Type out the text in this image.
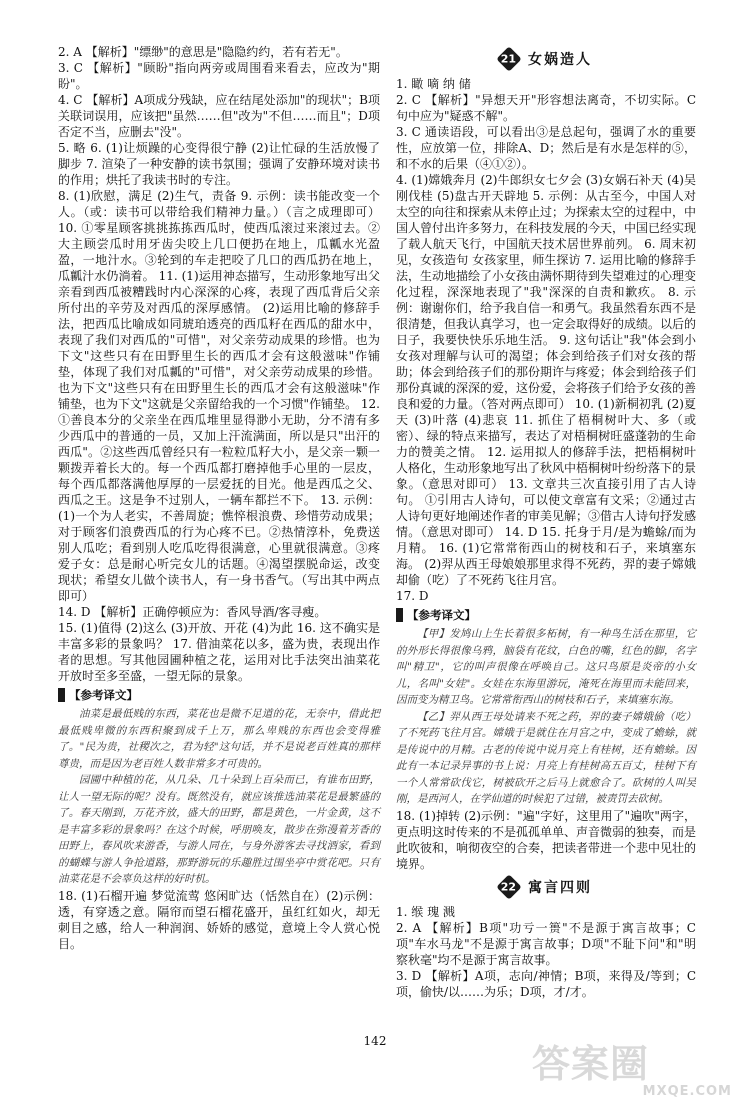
2. A 【解析】"缥缈"的意思是"隐隐约约，若有若无"。

3. C 【解析】"顾盼"指向两旁或周围看来看去，应改为"期盼"。

4. C 【解析】A项成分残缺，应在结尾处添加"的现状"；B项关联词误用，应该把"虽然……但"改为"不但……而且"；D项否定不当，应删去"没"。

5. 略 6. (1)让烦躁的心变得很宁静 (2)让忙碌的生活放慢了脚步 7. 渲染了一种安静的读书氛围；强调了安静环境对读书的作用；烘托了我读书时的专注。

8. (1)欣慰，满足 (2)生气，责备 9. 示例：读书能改变一个人。（或：读书可以带给我们精神力量。）（言之成理即可） 10. ①零星顾客挑挑拣拣西瓜时，使西瓜滚过来滚过去。②大主顾尝瓜时用牙齿尖咬上几口便扔在地上，瓜瓤水光盈盈，一地汁水。③轮到的车走把咬了几口的西瓜扔在地上，瓜瓤汁水仍淌着。 11. (1)运用神态描写，生动形象地写出父亲看到西瓜被糟践时内心深深的心疼，表现了西瓜背后父亲所付出的辛劳及对西瓜的深厚感情。 (2)运用比喻的修辞手法，把西瓜比喻成如同琥珀透亮的西瓜籽在西瓜的甜水中，表现了我们对西瓜的"可惜"，对父亲劳动成果的珍惜。也为下文"这些只有在田野里生长的西瓜才会有这般滋味"作铺垫，体现了我们对瓜瓤的"可惜"，对父亲劳动成果的珍惜。也为下文"这些只有在田野里生长的西瓜才会有这般滋味"作铺垫，也为下文"这就是父亲留给我的一个习惯"作铺垫。 12. ①善良本分的父亲坐在西瓜堆里显得渺小无助，分不清有多少西瓜中的普通的一员，又加上汗流满面，所以是只"出汗的西瓜"。②这些西瓜曾经只有一粒粒瓜籽大小，是父亲一颗一颗拨弄着长大的。每一个西瓜都打磨掉他手心里的一层皮，每个西瓜都落满他厚厚的一层爱抚的目光。他是西瓜之父、西瓜之王。这是争不过别人，一辆车都拦不下。 13. 示例：(1)一个为人老实，不善周旋；憔悴根浪费、珍惜劳动成果；对于顾客们浪费西瓜的行为心疼不已。②热情淳朴，免费送别人瓜吃；看到别人吃瓜吃得很满意，心里就很满意。③疼爱子女：总是耐心听完女儿的话题。④渴望摆脱命运，改变现状；希望女儿做个读书人，有一身书香气。（写出其中两点即可）

14. D 【解析】正确停顿应为：香风导酒/客寻瘦。

15. (1)值得 (2)这么 (3)开放、开花 (4)为此 16. 这不确实是丰富多彩的景象吗？ 17. 借油菜花以多，盛为贵，表现出作者的思想。写其他园圃种植之花，运用对比手法突出油菜花开放时至多至盛，一望无际的景象。

【参考译文】

油菜是最低贱的东西，菜花也是微不足道的花，无奈中，借此把最低贱卑微的东西积聚到成千上万，那么卑贱的东西也会变得雅了。"民为贵，社稷次之，君为轻"这句话，并不是说老百姓真的那样尊贵，而是因为老百姓人数非常多才可贵的。

园圃中种植的花，从几朵、几十朵到上百朵而已，有谁布田野，让人一望无际的呢？没有。既然没有，就应该推选油菜花是最繁盛的了。春天刚到，万花齐放，盛大的田野，都是黄色，一片金黄，这不是丰富多彩的景象吗？在这个时候，呼朋唤友，散步在弥漫着芳香的田野上，春风吹来游香，与游人同在，与身外游客去寻找酒家，看到的蝴蝶与游人争抢道路，那野游玩的乐趣胜过围坐亭中赏花吧。只有油菜花是不会辜负这样的好时机。

18. (1)石榴开遍 梦觉流莺 悠闲旷达（恬然自在）(2)示例：透，有穿透之意。隔帘而望石榴花盛开，虽红红如火，却无刺目之感，给人一种润润、娇娇的感觉，意境上令人赏心悦目。

21 女娲造人

1. 瞰 嘀 纳 储

2. C 【解析】"异想天开"形容想法离奇，不切实际。C句中应为"疑惑不解"。

3. C 通读语段，可以看出③是总起句，强调了水的重要性，应放第一位，排除A、D；然后是有水是怎样的⑤，和不水的后果（④①②）。

4. (1)嫦娥奔月 (2)牛郎织女七夕会 (3)女娲石补天 (4)吴刚伐桂 (5)盘古开天辟地 5. 示例：从古至今，中国人对太空的向往和探索从未停止过；为探索太空的过程中，中国人曾付出许多努力，在科技发展的今天，中国已经实现了载人航天飞行，中国航天技术居世界前列。 6. 周末初见，女孩造句 女孩家里，师生探访 7. 运用比喻的修辞手法，生动地描绘了小女孩由满怀期待到失望难过的心理变化过程，深深地表现了"我"深深的自责和歉疚。 8. 示例：谢谢你们，给予我自信一和勇气。我虽然看东西不是很清楚，但我认真学习，也一定会取得好的成绩。以后的日子，我要快快乐乐地生活。 9. 这句话让"我"体会到小女孩对理解与认可的渴望；体会到给孩子们对女孩的帮助；体会到给孩子们的那份期许与疼爱；体会到给孩子们那份真诚的深深的爱，这份爱，会将孩子们给予女孩的善良和爱的力量。（答对两点即可） 10. (1)新桐初乳 (2)夏天 (3)叶落 (4)悲哀 11. 抓住了梧桐树叶大、多（或密）、绿的特点来描写，表达了对梧桐树旺盛蓬勃的生命力的赞美之情。 12. 运用拟人的修辞手法，把梧桐树叶人格化，生动形象地写出了秋风中梧桐树叶纷纷落下的景象。（意思对即可） 13. 文章共三次直接引用了古人诗句。 ①引用古人诗句，可以使文章富有文采；②通过古人诗句更好地阐述作者的审美见解；③借古人诗句抒发感情。（意思对即可） 14. D 15. 托身于月/是为蟾蜍/而为月精。 16. (1)它常常衔西山的树枝和石子，来填塞东海。 (2)羿从西王母娘娘那里求得不死药，羿的妻子嫦娥却偷（吃）了不死药飞往月宫。

17. D

【参考译文】

【甲】发鸠山上生长着很多柘树，有一种鸟生活在那里，它的外形长得很像乌鸦，脑袋有花纹，白色的嘴，红色的脚，名字叫"精卫"，它的叫声很像在呼唤自己。这只鸟原是炎帝的小女儿，名叫"女娃"。女娃在东海里游玩，淹死在海里而未能回来，因而变为精卫鸟。它常常衔西山的树枝和石子，来填塞东海。

【乙】羿从西王母处请来不死之药，羿的妻子嫦娥偷（吃）了不死药飞往月宫。嫦娥于是就住在月宫之中，变成了蟾蜍，就是传说中的月精。古老的传说中说月亮上有桂树，还有蟾蜍。因此有一本记录异事的书上说：月亮上有桂树高五百丈，桂树下有一个人常常砍伐它，树被砍开之后马上就愈合了。砍树的人叫吴刚，是西河人，在学仙道的时候犯了过错，被责罚去砍树。

18. (1)掉转 (2)示例："遍"字好，这里用了"遍吹"两字，更点明这时传来的不是孤孤单单、声音微弱的独奏，而是此吹彼和，响彻夜空的合奏，把读者带进一个悲中见壮的境界。

22 寓言四则

1. 缑 瑰 溅

2. A 【解析】B项"功亏一篑"不是源于寓言故事；C项"车水马龙"不是源于寓言故事；D项"不耻下问"和"明察秋毫"均不是源于寓言故事。

3. D 【解析】A项，志向/神情；B项，来得及/等到；C项，偷快/以……为乐；D项，才/才。

142
答案圈
MXQE.COM
